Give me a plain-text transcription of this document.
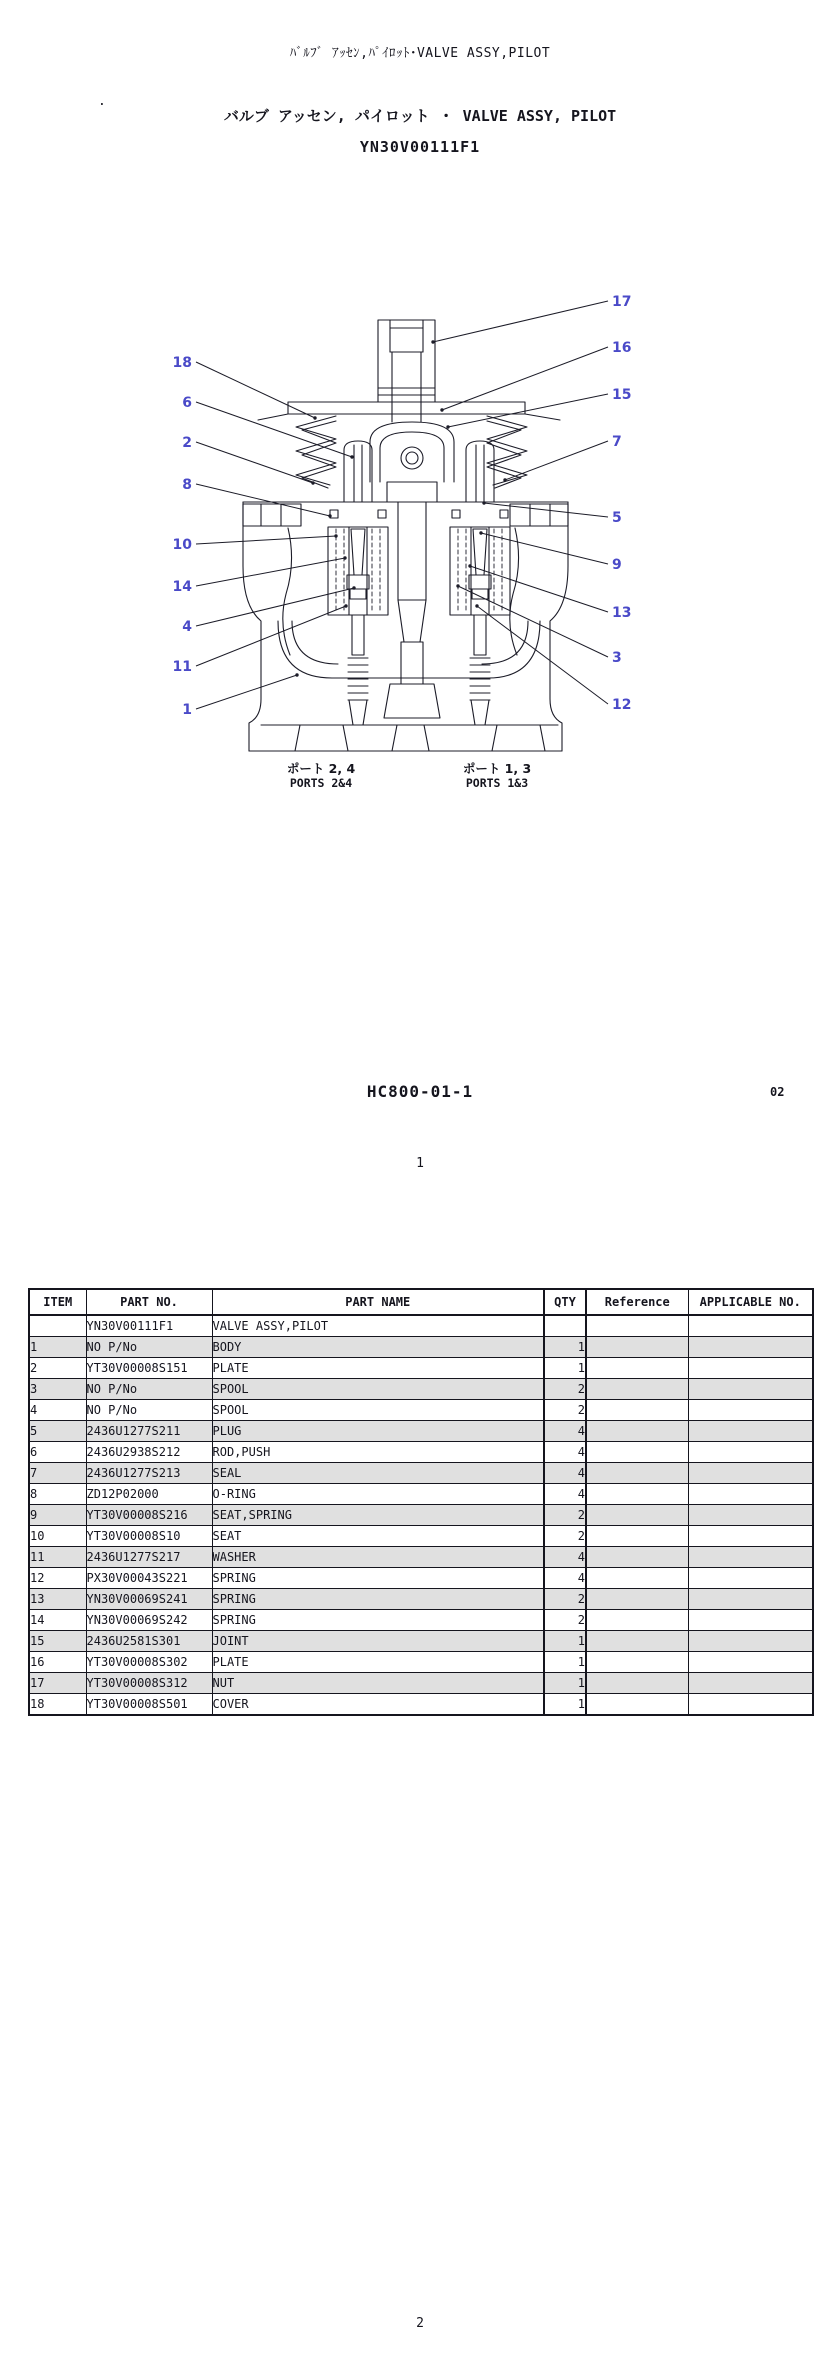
ﾊﾞﾙﾌﾞ ｱｯｾﾝ,ﾊﾟｲﾛｯﾄ･VALVE ASSY,PILOT
.
バルブ アッセン, パイロット ・ VALVE ASSY, PILOT
YN30V00111F1
18
6
2
8
10
14
4
11
1
17
16
15
7
5
9
13
3
12
ポート 2, 4
PORTS 2&4
ポート 1, 3
PORTS 1&3
HC800-01-1	02
1
ITEM	PART NO.	PART NAME	QTY	Reference	APPLICABLE NO.
	YN30V00111F1	VALVE ASSY,PILOT			
1	NO P/No	BODY	1		
2	YT30V00008S151	PLATE	1		
3	NO P/No	SPOOL	2		
4	NO P/No	SPOOL	2		
5	2436U1277S211	PLUG	4		
6	2436U2938S212	ROD,PUSH	4		
7	2436U1277S213	SEAL	4		
8	ZD12P02000	O-RING	4		
9	YT30V00008S216	SEAT,SPRING	2		
10	YT30V00008S10	SEAT	2		
11	2436U1277S217	WASHER	4		
12	PX30V00043S221	SPRING	4		
13	YN30V00069S241	SPRING	2		
14	YN30V00069S242	SPRING	2		
15	2436U2581S301	JOINT	1		
16	YT30V00008S302	PLATE	1		
17	YT30V00008S312	NUT	1		
18	YT30V00008S501	COVER	1		
2
